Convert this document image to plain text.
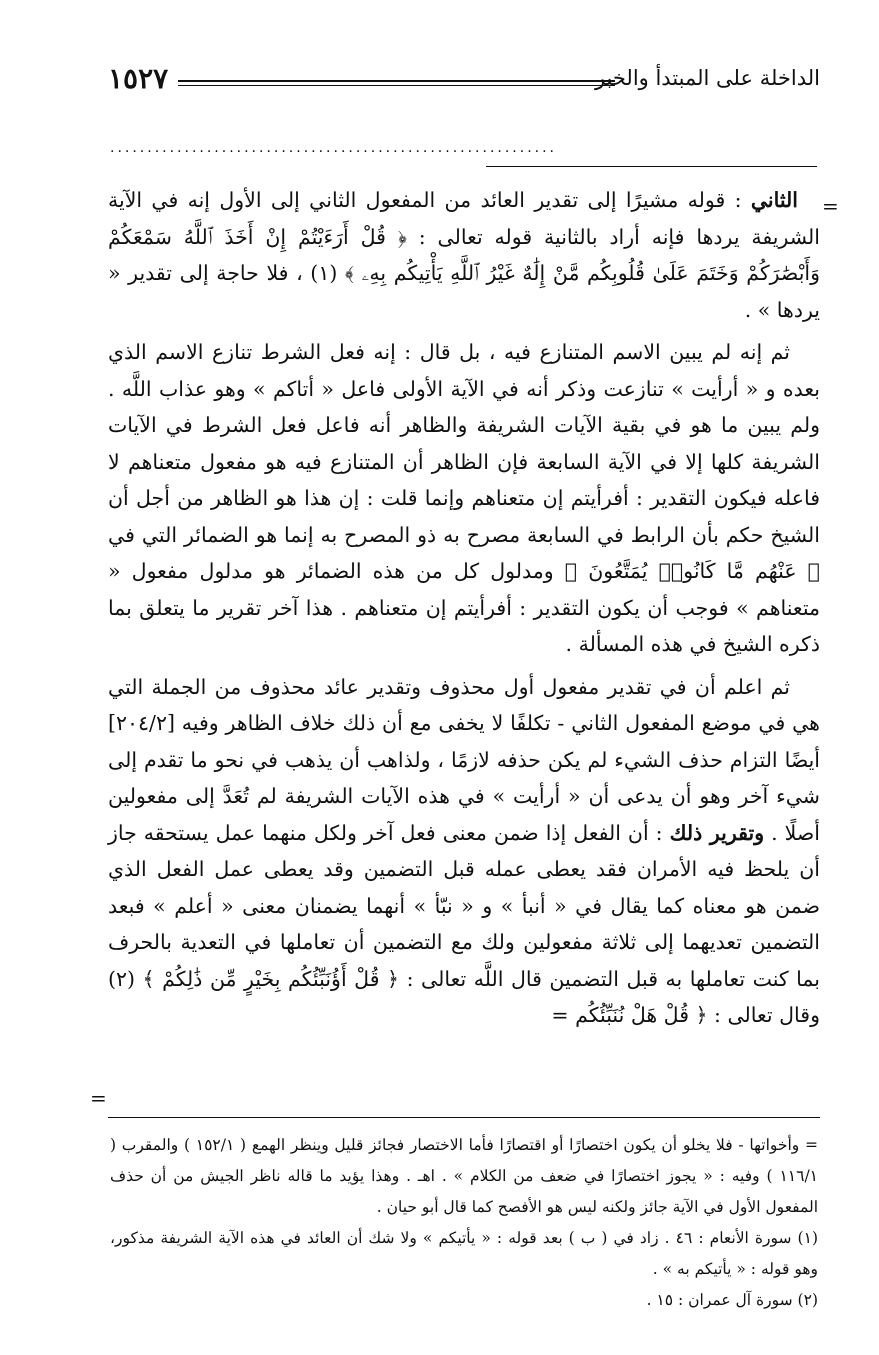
الداخلة على المبتدأ والخبر
١٥٢٧
............................................................
=
=

الثاني : قوله مشيرًا إلى تقدير العائد من المفعول الثاني إلى الأول إنه في الآية الشريفة يردها فإنه أراد بالثانية قوله تعالى : ﴿ قُلْ أَرَءَيْتُمْ إِنْ أَخَذَ ٱللَّهُ سَمْعَكُمْ وَأَبْصَٰرَكُمْ وَخَتَمَ عَلَىٰ قُلُوبِكُم مَّنْ إِلَٰهٌ غَيْرُ ٱللَّهِ يَأْتِيكُم بِهِۦ ﴾ (١) ، فلا حاجة إلى تقدير « يردها » .

ثم إنه لم يبين الاسم المتنازع فيه ، بل قال : إنه فعل الشرط تنازع الاسم الذي بعده و « أرأيت » تنازعت وذكر أنه في الآية الأولى فاعل « أتاكم » وهو عذاب اللَّه . ولم يبين ما هو في بقية الآيات الشريفة والظاهر أنه فاعل فعل الشرط في الآيات الشريفة كلها إلا في الآية السابعة فإن الظاهر أن المتنازع فيه هو مفعول متعناهم لا فاعله فيكون التقدير : أفرأيتم إن متعناهم وإنما قلت : إن هذا هو الظاهر من أجل أن الشيخ حكم بأن الرابط في السابعة مصرح به ذو المصرح به إنما هو الضمائر التي في ﴿ عَنْهُم مَّا كَانُوا۟ يُمَتَّعُونَ ﴾ ومدلول كل من هذه الضمائر هو مدلول مفعول « متعناهم » فوجب أن يكون التقدير : أفرأيتم إن متعناهم . هذا آخر تقرير ما يتعلق بما ذكره الشيخ في هذه المسألة .

ثم اعلم أن في تقدير مفعول أول محذوف وتقدير عائد محذوف من الجملة التي هي في موضع المفعول الثاني - تكلفًا لا يخفى مع أن ذلك خلاف الظاهر وفيه [٢٠٤/٢] أيضًا التزام حذف الشيء لم يكن حذفه لازمًا ، ولذاهب أن يذهب في نحو ما تقدم إلى شيء آخر وهو أن يدعى أن « أرأيت » في هذه الآيات الشريفة لم تُعَدَّ إلى مفعولين أصلًا . وتقرير ذلك : أن الفعل إذا ضمن معنى فعل آخر ولكل منهما عمل يستحقه جاز أن يلحظ فيه الأمران فقد يعطى عمله قبل التضمين وقد يعطى عمل الفعل الذي ضمن هو معناه كما يقال في « أنبأ » و « نبّأ » أنهما يضمنان معنى « أعلم » فبعد التضمين تعديهما إلى ثلاثة مفعولين ولك مع التضمين أن تعاملها في التعدية بالحرف بما كنت تعاملها به قبل التضمين قال اللَّه تعالى : ﴿ قُلْ أَؤُنَبِّئُكُم بِخَيْرٍ مِّن ذَٰلِكُمْ ﴾ (٢) وقال تعالى : ﴿ قُلْ هَلْ نُنَبِّئُكُم =

= وأخواتها - فلا يخلو أن يكون اختصارًا أو اقتصارًا فأما الاختصار فجائز قليل وينظر الهمع ( ١٥٢/١ ) والمقرب ( ١١٦/١ ) وفيه : « يجوز اختصارًا في ضعف من الكلام » . اهـ . وهذا يؤيد ما قاله ناظر الجيش من أن حذف المفعول الأول في الآية جائز ولكنه ليس هو الأفصح كما قال أبو حيان .

(١) سورة الأنعام : ٤٦ . زاد في ( ب ) بعد قوله : « يأتيكم » ولا شك أن العائد في هذه الآية الشريفة مذكور، وهو قوله : « يأتيكم به » .

(٢) سورة آل عمران : ١٥ .
